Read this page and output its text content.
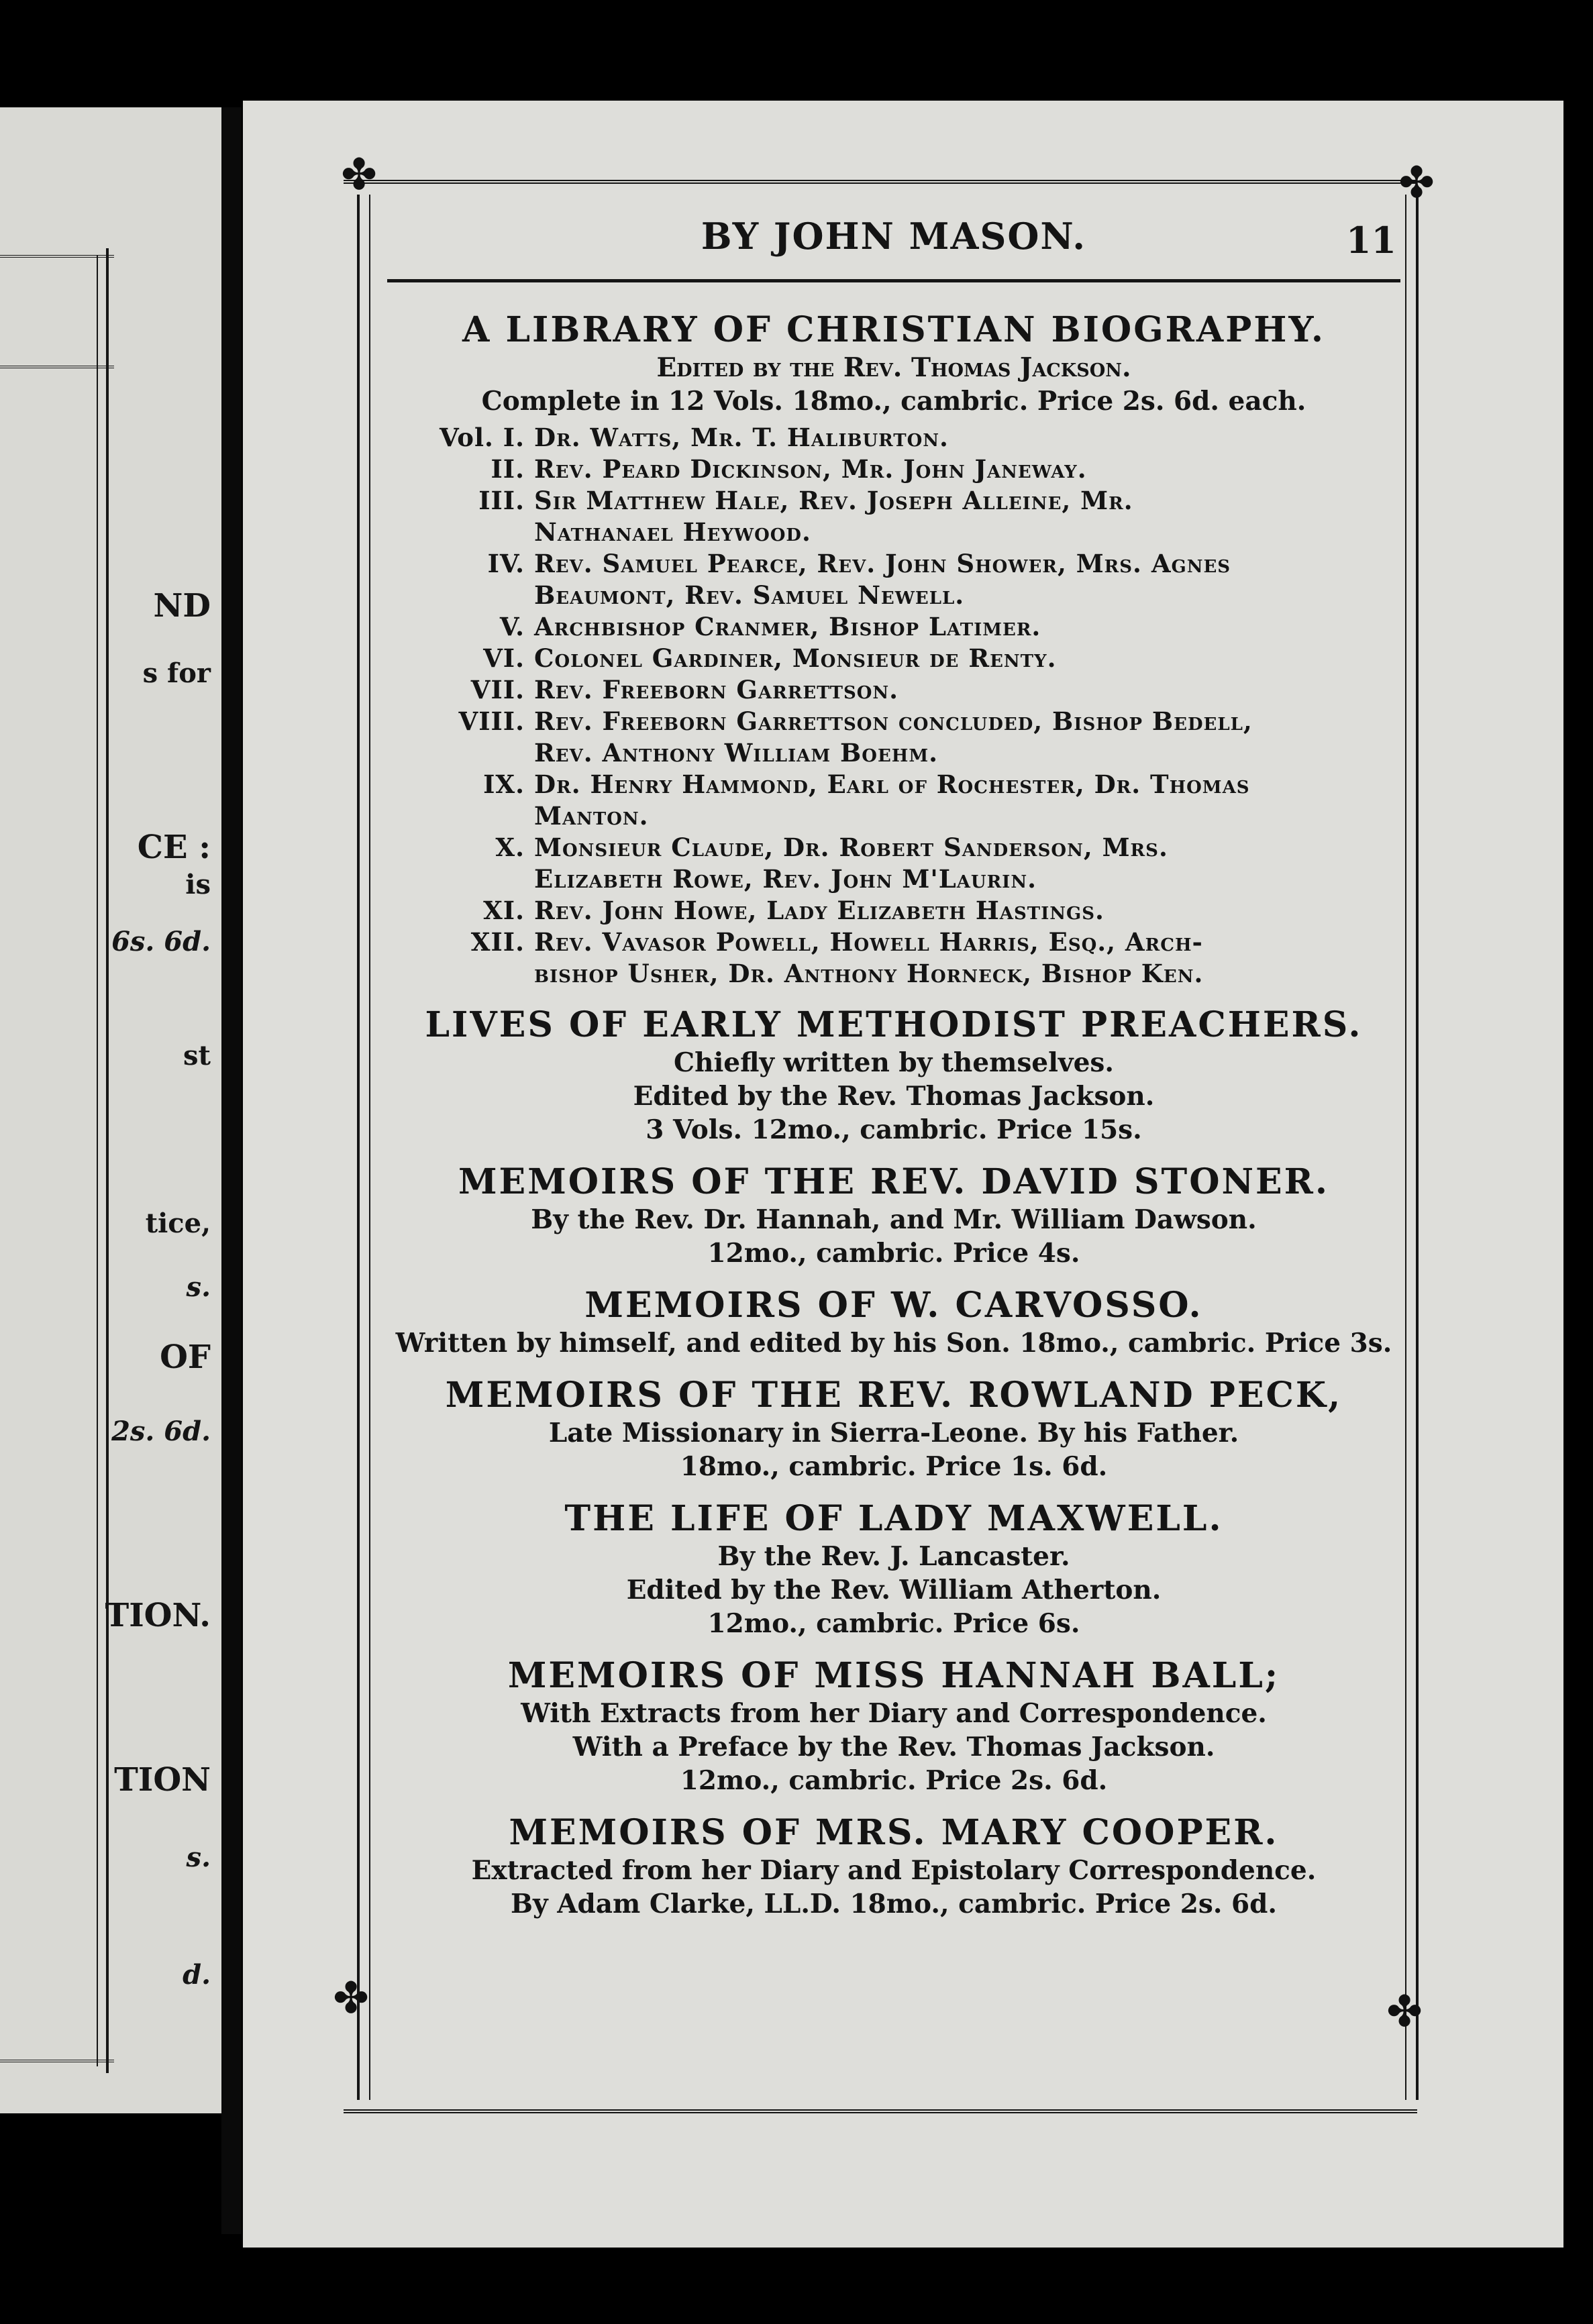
ND
s for
CE :
is
6s. 6d.
st
tice,
s.
OF
2s. 6d.
TION.
TION
s.
d.
✤	✤
✤	✤
BY JOHN MASON.	11
A LIBRARY OF CHRISTIAN BIOGRAPHY.
Edited by the Rev. Thomas Jackson.
Complete in 12 Vols. 18mo., cambric. Price 2s. 6d. each.
Vol. I. Dr. Watts, Mr. T. Haliburton.
II. Rev. Peard Dickinson, Mr. John Janeway.
III. Sir Matthew Hale, Rev. Joseph Alleine, Mr.
Nathanael Heywood.
IV. Rev. Samuel Pearce, Rev. John Shower, Mrs. Agnes
Beaumont, Rev. Samuel Newell.
V. Archbishop Cranmer, Bishop Latimer.
VI. Colonel Gardiner, Monsieur de Renty.
VII. Rev. Freeborn Garrettson.
VIII. Rev. Freeborn Garrettson concluded, Bishop Bedell,
Rev. Anthony William Boehm.
IX. Dr. Henry Hammond, Earl of Rochester, Dr. Thomas
Manton.
X. Monsieur Claude, Dr. Robert Sanderson, Mrs.
Elizabeth Rowe, Rev. John M'Laurin.
XI. Rev. John Howe, Lady Elizabeth Hastings.
XII. Rev. Vavasor Powell, Howell Harris, Esq., Arch-
bishop Usher, Dr. Anthony Horneck, Bishop Ken.
LIVES OF EARLY METHODIST PREACHERS.
Chiefly written by themselves.
Edited by the Rev. Thomas Jackson.
3 Vols. 12mo., cambric. Price 15s.
MEMOIRS OF THE REV. DAVID STONER.
By the Rev. Dr. Hannah, and Mr. William Dawson.
12mo., cambric. Price 4s.
MEMOIRS OF W. CARVOSSO.
Written by himself, and edited by his Son. 18mo., cambric. Price 3s.
MEMOIRS OF THE REV. ROWLAND PECK,
Late Missionary in Sierra-Leone. By his Father.
18mo., cambric. Price 1s. 6d.
THE LIFE OF LADY MAXWELL.
By the Rev. J. Lancaster.
Edited by the Rev. William Atherton.
12mo., cambric. Price 6s.
MEMOIRS OF MISS HANNAH BALL;
With Extracts from her Diary and Correspondence.
With a Preface by the Rev. Thomas Jackson.
12mo., cambric. Price 2s. 6d.
MEMOIRS OF MRS. MARY COOPER.
Extracted from her Diary and Epistolary Correspondence.
By Adam Clarke, LL.D. 18mo., cambric. Price 2s. 6d.
